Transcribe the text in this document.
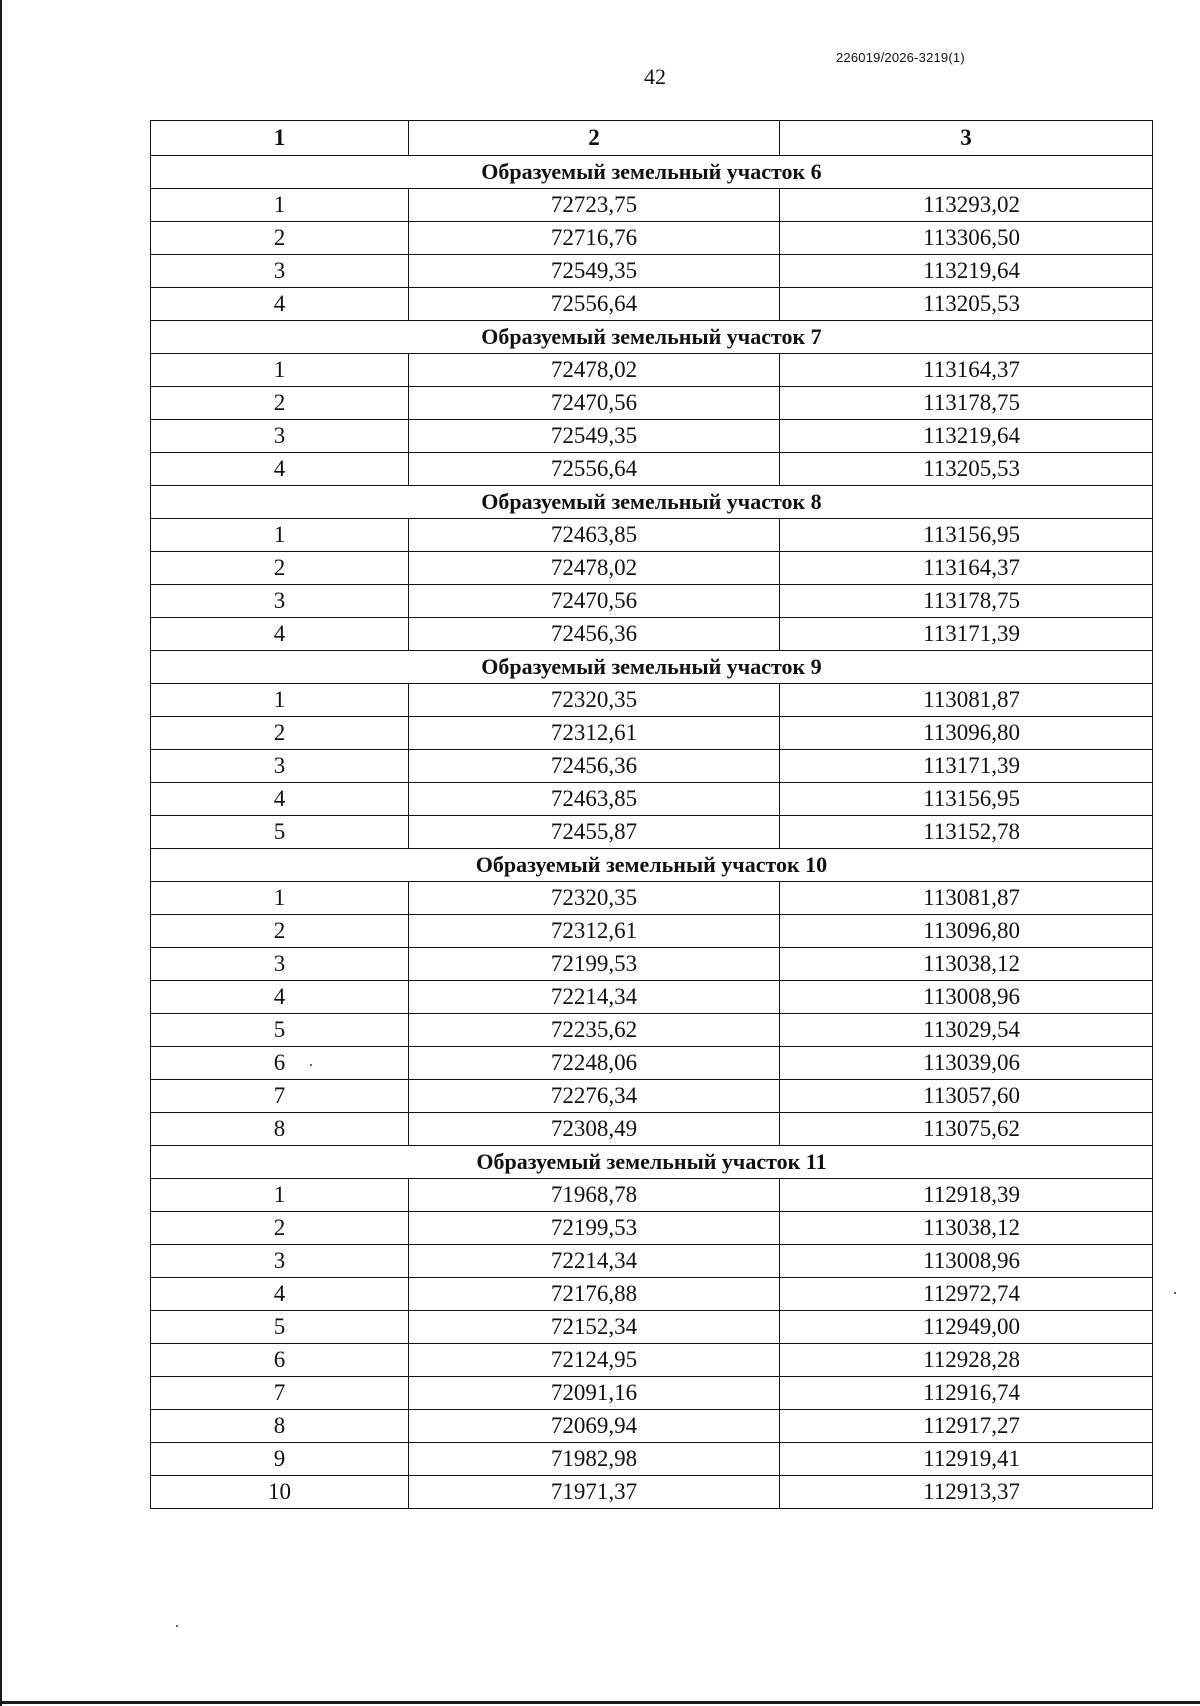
226019/2026-3219(1)
42
1	2	3
Образуемый земельный участок 6		
1	72723,75	113293,02
2	72716,76	113306,50
3	72549,35	113219,64
4	72556,64	113205,53
Образуемый земельный участок 7		
1	72478,02	113164,37
2	72470,56	113178,75
3	72549,35	113219,64
4	72556,64	113205,53
Образуемый земельный участок 8		
1	72463,85	113156,95
2	72478,02	113164,37
3	72470,56	113178,75
4	72456,36	113171,39
Образуемый земельный участок 9		
1	72320,35	113081,87
2	72312,61	113096,80
3	72456,36	113171,39
4	72463,85	113156,95
5	72455,87	113152,78
Образуемый земельный участок 10		
1	72320,35	113081,87
2	72312,61	113096,80
3	72199,53	113038,12
4	72214,34	113008,96
5	72235,62	113029,54
6	72248,06	113039,06
7	72276,34	113057,60
8	72308,49	113075,62
Образуемый земельный участок 11		
1	71968,78	112918,39
2	72199,53	113038,12
3	72214,34	113008,96
4	72176,88	112972,74
5	72152,34	112949,00
6	72124,95	112928,28
7	72091,16	112916,74
8	72069,94	112917,27
9	71982,98	112919,41
10	71971,37	112913,37
